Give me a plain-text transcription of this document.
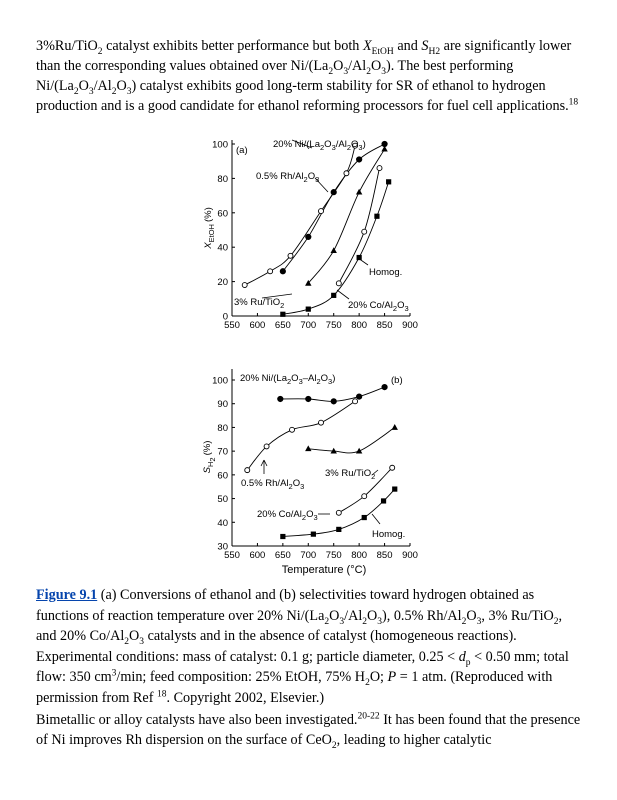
3%Ru/TiO$_2$ catalyst exhibits better performance but both $X_{EtOH}$ and $S_{H2}$ are significantly lower than the corresponding values obtained over $Ni/(La_2O_3/Al_2O_3)$. The best performing $Ni/(La_2O_3/Al_2O_3)$ catalyst exhibits good long-term stability for SR of ethanol to hydrogen production and is a good candidate for ethanol reforming processors for fuel cell applications.$^{18}$

550 600 650 700 750 800 850 900
0
20
40
60
80
100 (a)
20% $Ni/(La_2O_3/Al_2O_3)$
0.5% $Rh/Al_2O_3$
Homog.
3% Ru/TiO$_2$	20% $Co/Al_2O_3$
$X_{EtOH}(\%)$
550 600 650 700 750 800 850 900
30
40
50
60
70
80
90
100	(b)
20% $Ni/(La_2O_3-Al_2O_3)$
0.5% $Rh/Al_2O_3$
3% Ru/TiO$_2$
20% $Co/Al_2O_3$
Homog.
$S_{H2}(\%)$
Temperature (°C)

Figure 9.1 (a) Conversions of ethanol and (b) selectivities toward hydrogen obtained as functions of reaction temperature over 20% $Ni/(La_2O_3/Al_2O_3)$, 0.5% $Rh/Al_2O_3$, 3% Ru/TiO$_2$, and 20% $Co/Al_2O_3$ catalysts and in the absence of catalyst (homogeneous reactions). Experimental conditions: mass of catalyst: 0.1 g; particle diameter, $0.25 < d_p < 0.50$ mm; total flow: 350 $cm^3/\min$; feed composition: 25% EtOH, 75% $H_2O$; P = 1 atm. (Reproduced with permission from Ref $^{18}$. Copyright 2002, Elsevier.)

Bimetallic or alloy catalysts have also been investigated.$^{20-22}$ It has been found that the presence of Ni improves Rh dispersion on the surface of CeO$_2$, leading to higher catalytic
